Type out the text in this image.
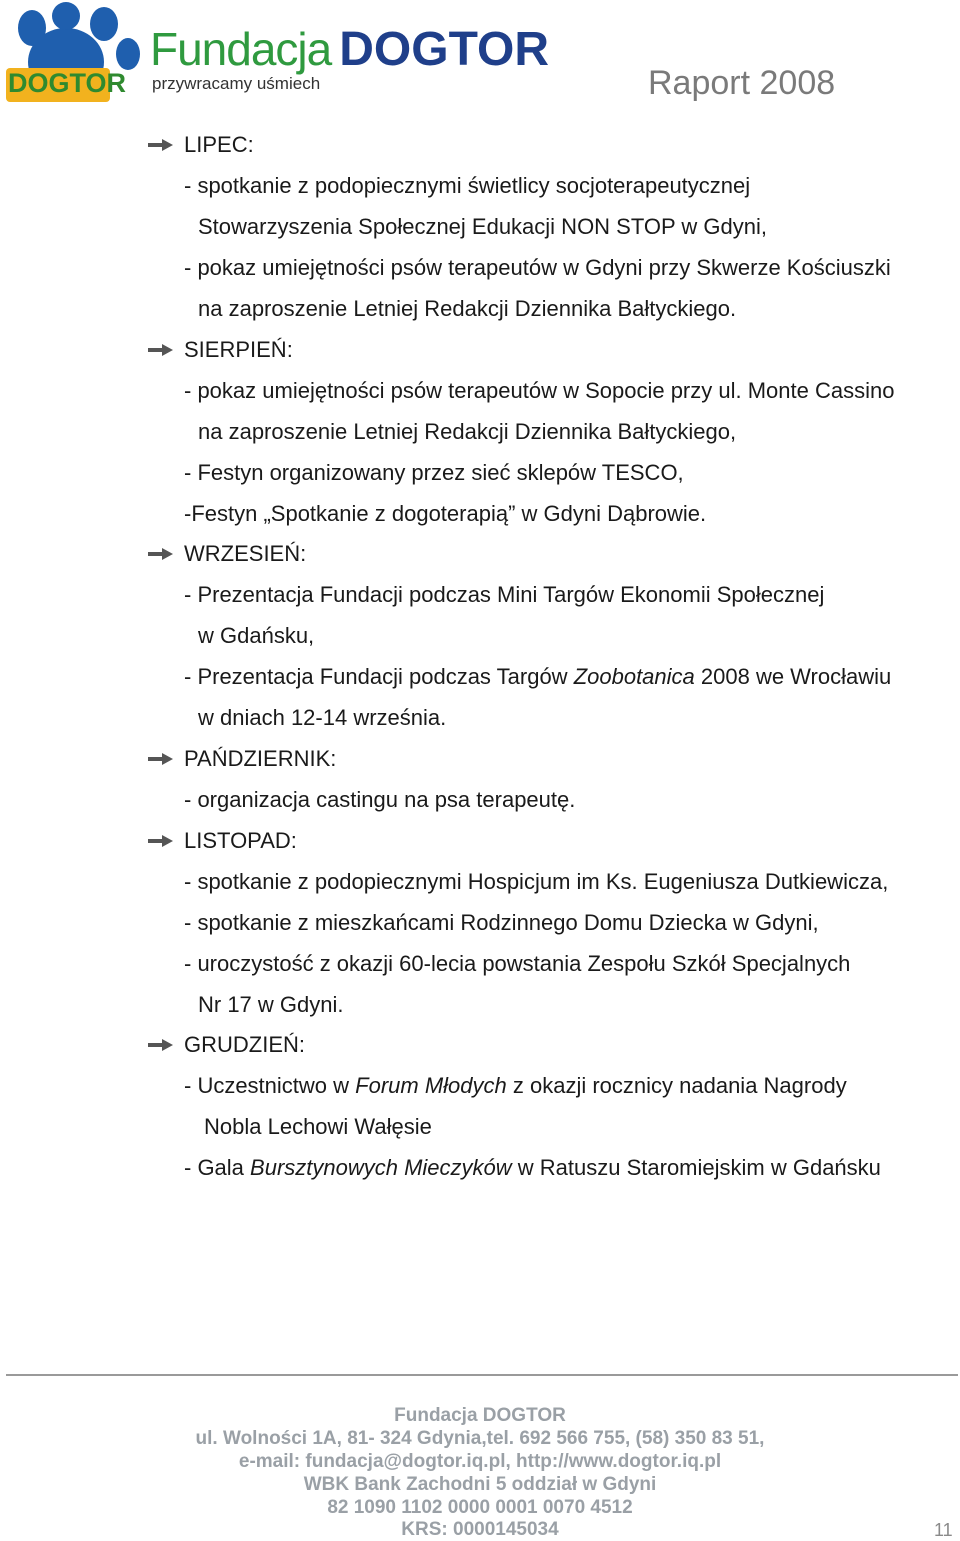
DOGTOR
Fundacja DOGTOR
przywracamy uśmiech	Raport 2008
LIPEC:
- spotkanie z podopiecznymi świetlicy socjoterapeutycznej
Stowarzyszenia Społecznej Edukacji NON STOP w Gdyni,
- pokaz umiejętności psów terapeutów w Gdyni przy Skwerze Kościuszki
na zaproszenie Letniej Redakcji Dziennika Bałtyckiego.
SIERPIEŃ:
- pokaz umiejętności psów terapeutów w Sopocie przy ul. Monte Cassino
na zaproszenie Letniej Redakcji Dziennika Bałtyckiego,
- Festyn organizowany przez sieć sklepów TESCO,
-Festyn „Spotkanie z dogoterapią” w Gdyni Dąbrowie.
WRZESIEŃ:
- Prezentacja Fundacji podczas Mini Targów Ekonomii Społecznej
w Gdańsku,
- Prezentacja Fundacji podczas Targów Zoobotanica 2008 we Wrocławiu
w dniach 12-14 września.
PAŃDZIERNIK:
- organizacja castingu na psa terapeutę.
LISTOPAD:
- spotkanie z podopiecznymi Hospicjum im Ks. Eugeniusza Dutkiewicza,
- spotkanie z mieszkańcami Rodzinnego Domu Dziecka w Gdyni,
- uroczystość z okazji 60-lecia powstania Zespołu Szkół Specjalnych
Nr 17 w Gdyni.
GRUDZIEŃ:
- Uczestnictwo w Forum Młodych z okazji rocznicy nadania Nagrody
Nobla Lechowi Wałęsie
- Gala Bursztynowych Mieczyków w Ratuszu Staromiejskim w Gdańsku
Fundacja DOGTOR
ul. Wolności 1A, 81- 324 Gdynia,tel. 692 566 755, (58) 350 83 51,
e-mail: fundacja@dogtor.iq.pl, http://www.dogtor.iq.pl
WBK Bank Zachodni 5 oddział w Gdyni
82 1090 1102 0000 0001 0070 4512
KRS: 0000145034	11
